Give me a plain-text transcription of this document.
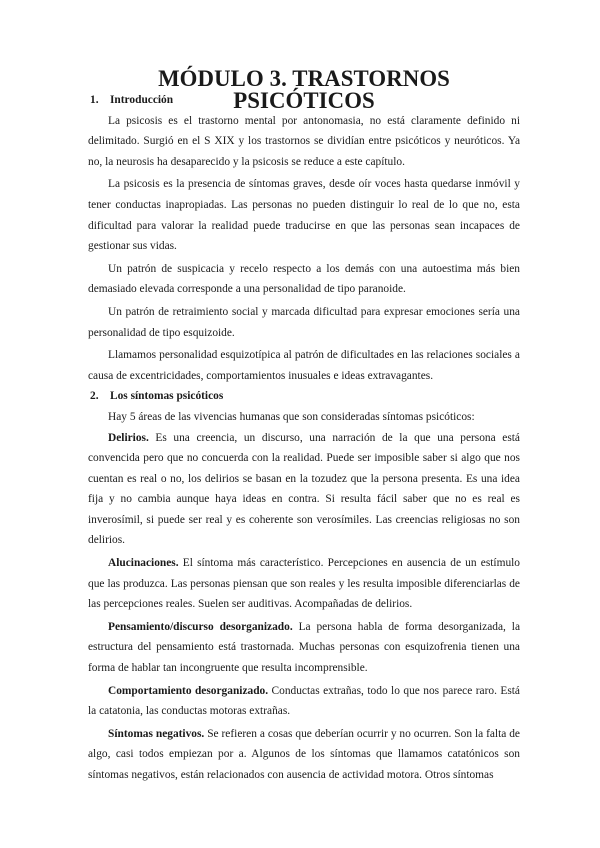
MÓDULO 3. TRASTORNOS PSICÓTICOS
1.	Introducción

La psicosis es el trastorno mental por antonomasia, no está claramente definido ni delimitado. Surgió en el S XIX y los trastornos se dividían entre psicóticos y neuróticos. Ya no, la neurosis ha desaparecido y la psicosis se reduce a este capítulo.

La psicosis es la presencia de síntomas graves, desde oír voces hasta quedarse inmóvil y tener conductas inapropiadas. Las personas no pueden distinguir lo real de lo que no, esta dificultad para valorar la realidad puede traducirse en que las personas sean incapaces de gestionar sus vidas.

Un patrón de suspicacia y recelo respecto a los demás con una autoestima más bien demasiado elevada corresponde a una personalidad de tipo paranoide.

Un patrón de retraimiento social y marcada dificultad para expresar emociones sería una personalidad de tipo esquizoide.

Llamamos personalidad esquizotípica al patrón de dificultades en las relaciones sociales a causa de excentricidades, comportamientos inusuales e ideas extravagantes.

2.	Los síntomas psicóticos

Hay 5 áreas de las vivencias humanas que son consideradas síntomas psicóticos:

Delirios. Es una creencia, un discurso, una narración de la que una persona está convencida pero que no concuerda con la realidad. Puede ser imposible saber si algo que nos cuentan es real o no, los delirios se basan en la tozudez que la persona presenta. Es una idea fija y no cambia aunque haya ideas en contra. Si resulta fácil saber que no es real es inverosímil, si puede ser real y es coherente son verosímiles. Las creencias religiosas no son delirios.

Alucinaciones. El síntoma más característico. Percepciones en ausencia de un estímulo que las produzca. Las personas piensan que son reales y les resulta imposible diferenciarlas de las percepciones reales. Suelen ser auditivas. Acompañadas de delirios.

Pensamiento/discurso desorganizado. La persona habla de forma desorganizada, la estructura del pensamiento está trastornada. Muchas personas con esquizofrenia tienen una forma de hablar tan incongruente que resulta incomprensible.

Comportamiento desorganizado. Conductas extrañas, todo lo que nos parece raro. Está la catatonia, las conductas motoras extrañas.

Síntomas negativos. Se refieren a cosas que deberían ocurrir y no ocurren. Son la falta de algo, casi todos empiezan por a. Algunos de los síntomas que llamamos catatónicos son síntomas negativos, están relacionados con ausencia de actividad motora. Otros síntomas
